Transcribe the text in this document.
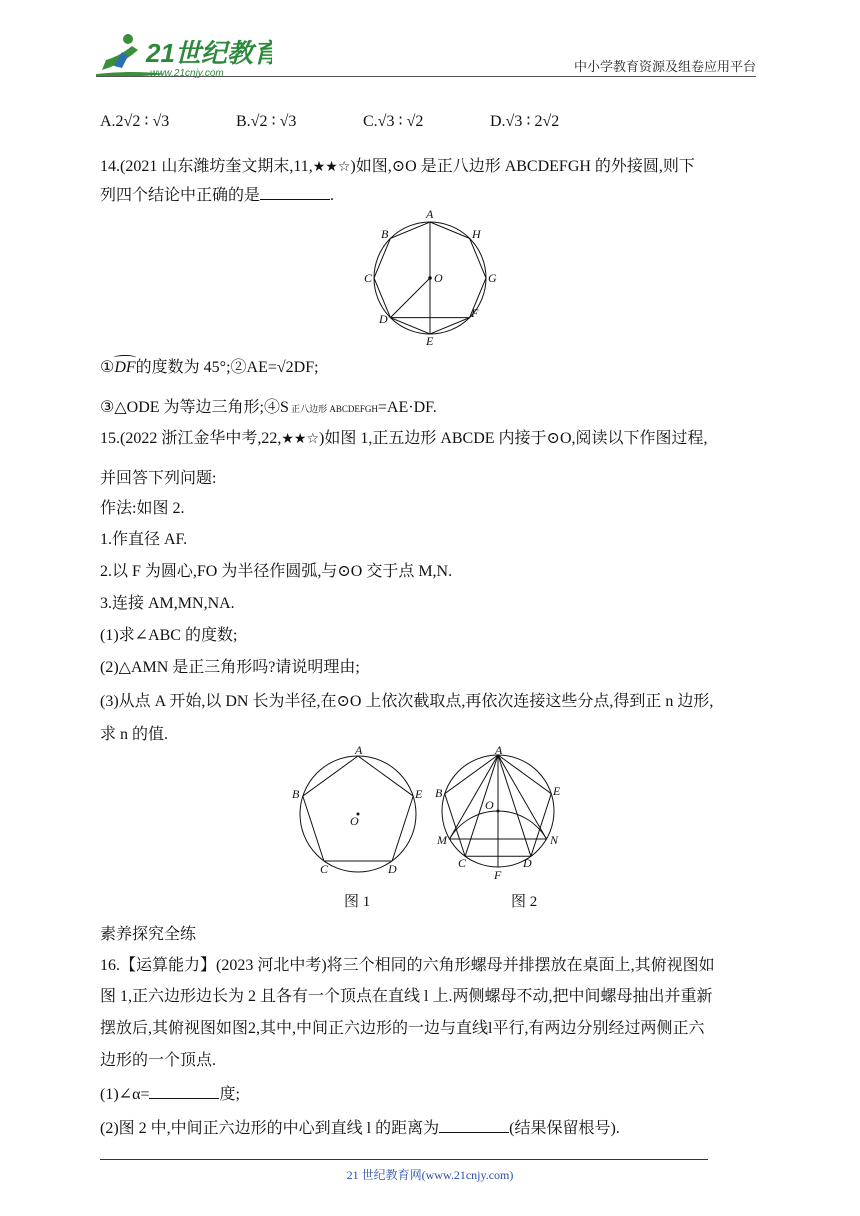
21世纪教育
www.21cnjy.com	中小学教育资源及组卷应用平台
A.2√2 ∶ √3	B.√2 ∶ √3	C.√3 ∶ √2	D.√3 ∶ 2√2
14.(2021 山东潍坊奎文期末,11,★★☆)如图,⊙O 是正八边形 ABCDEFGH 的外接圆,则下
列四个结论中正确的是	.
A
H
G
F
E
D
C
B
O
①DF的度数为 45°;②AE=√2DF;
③△ODE 为等边三角形;④S 正八边形 ABCDEFGH=AE·DF.
15.(2022 浙江金华中考,22,★★☆)如图 1,正五边形 ABCDE 内接于⊙O,阅读以下作图过程,
并回答下列问题:
作法:如图 2.
1.作直径 AF.
2.以 F 为圆心,FO 为半径作圆弧,与⊙O 交于点 M,N.
3.连接 AM,MN,NA.
(1)求∠ABC 的度数;
(2)△AMN 是正三角形吗?请说明理由;
(3)从点 A 开始,以 DN 长为半径,在⊙O 上依次截取点,再依次连接这些分点,得到正 n 边形,
求 n 的值.
A
B	E
O
C	D
图 1
A
B	E
O
M	N
C	D
F
图 2
素养探究全练
16.【运算能力】(2023 河北中考)将三个相同的六角形螺母并排摆放在桌面上,其俯视图如
图 1,正六边形边长为 2 且各有一个顶点在直线 l 上.两侧螺母不动,把中间螺母抽出并重新
摆放后,其俯视图如图2,其中,中间正六边形的一边与直线l平行,有两边分别经过两侧正六
边形的一个顶点.
(1)∠α=	度;
(2)图 2 中,中间正六边形的中心到直线 l 的距离为	(结果保留根号).
21 世纪教育网(www.21cnjy.com)
